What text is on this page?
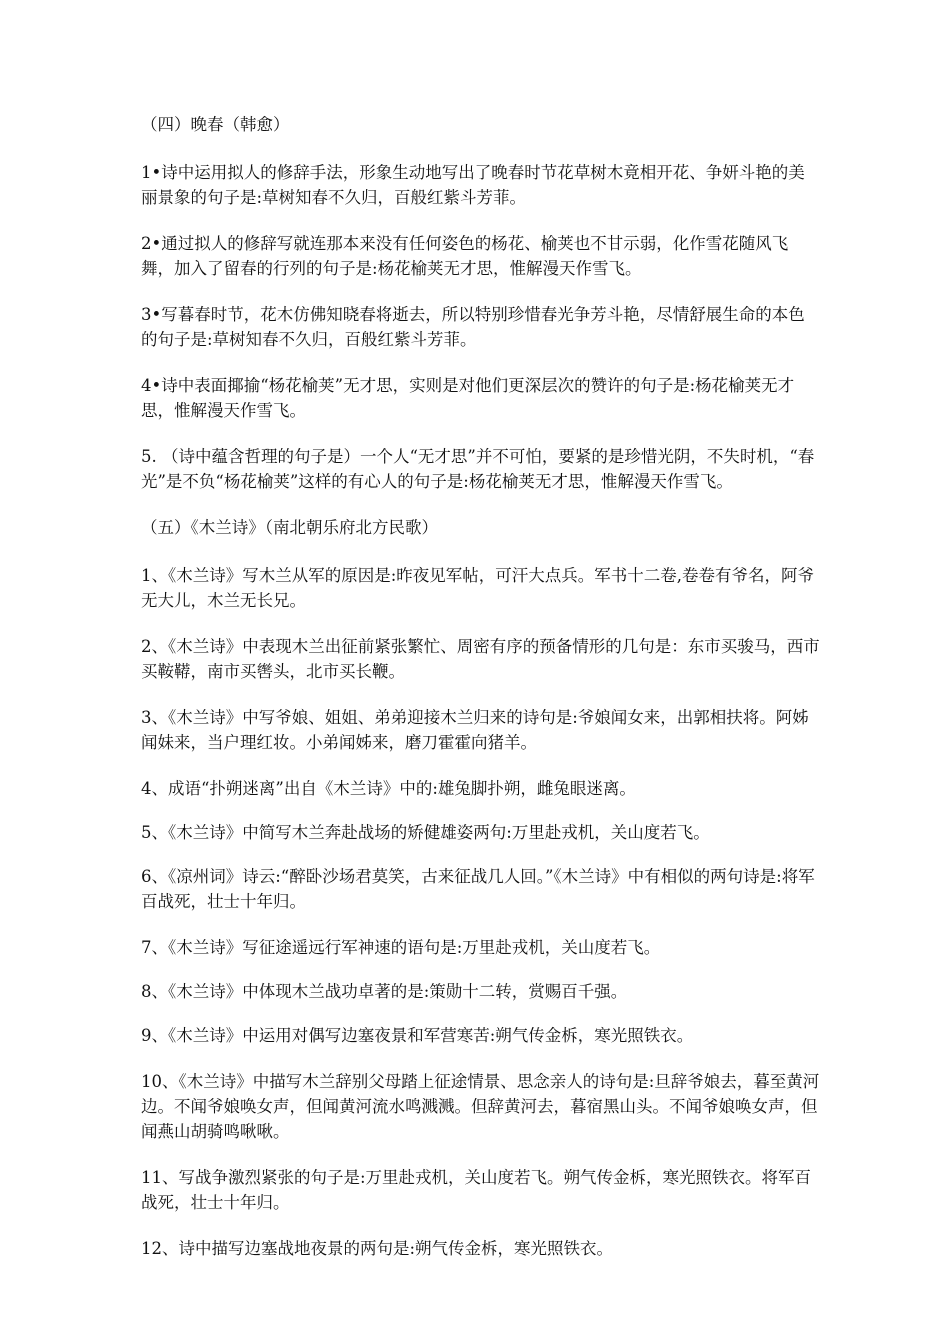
（四）晚春（韩愈）

1•诗中运用拟人的修辞手法，形象生动地写出了晚春时节花草树木竟相开花、争妍斗艳的美丽景象的句子是:草树知春不久归，百般红紫斗芳菲。

2•通过拟人的修辞写就连那本来没有任何姿色的杨花、榆荚也不甘示弱，化作雪花随风飞舞，加入了留春的行列的句子是:杨花榆荚无才思，惟解漫天作雪飞。

3•写暮春时节，花木仿佛知晓春将逝去，所以特别珍惜春光争芳斗艳，尽情舒展生命的本色的句子是:草树知春不久归，百般红紫斗芳菲。

4•诗中表面揶揄“杨花榆荚”无才思，实则是对他们更深层次的赞许的句子是:杨花榆荚无才思，惟解漫天作雪飞。

5. （诗中蕴含哲理的句子是）一个人“无才思”并不可怕，要紧的是珍惜光阴，不失时机，“春光”是不负“杨花榆荚”这样的有心人的句子是:杨花榆荚无才思，惟解漫天作雪飞。

（五）《木兰诗》（南北朝乐府北方民歌）

1、《木兰诗》写木兰从军的原因是:昨夜见军帖，可汗大点兵。军书十二卷,卷卷有爷名，阿爷无大儿，木兰无长兄。

2、《木兰诗》中表现木兰出征前紧张繁忙、周密有序的预备情形的几句是：东市买骏马，西市买鞍鞯，南市买辔头，北市买长鞭。

3、《木兰诗》中写爷娘、姐姐、弟弟迎接木兰归来的诗句是:爷娘闻女来，出郭相扶将。阿姊闻妹来，当户理红妆。小弟闻姊来，磨刀霍霍向猪羊。

4、成语“扑朔迷离”出自《木兰诗》中的:雄兔脚扑朔，雌兔眼迷离。

5、《木兰诗》中简写木兰奔赴战场的矫健雄姿两句:万里赴戎机，关山度若飞。

6、《凉州词》诗云:“醉卧沙场君莫笑，古来征战几人回。”《木兰诗》中有相似的两句诗是:将军百战死，壮士十年归。

7、《木兰诗》写征途遥远行军神速的语句是:万里赴戎机，关山度若飞。

8、《木兰诗》中体现木兰战功卓著的是:策勋十二转，赏赐百千强。

9、《木兰诗》中运用对偶写边塞夜景和军营寒苦:朔气传金柝，寒光照铁衣。

10、《木兰诗》中描写木兰辞别父母踏上征途情景、思念亲人的诗句是:旦辞爷娘去，暮至黄河边。不闻爷娘唤女声，但闻黄河流水鸣溅溅。但辞黄河去，暮宿黑山头。不闻爷娘唤女声，但闻燕山胡骑鸣啾啾。

11、写战争激烈紧张的句子是:万里赴戎机，关山度若飞。朔气传金柝，寒光照铁衣。将军百战死，壮士十年归。

12、诗中描写边塞战地夜景的两句是:朔气传金柝，寒光照铁衣。
